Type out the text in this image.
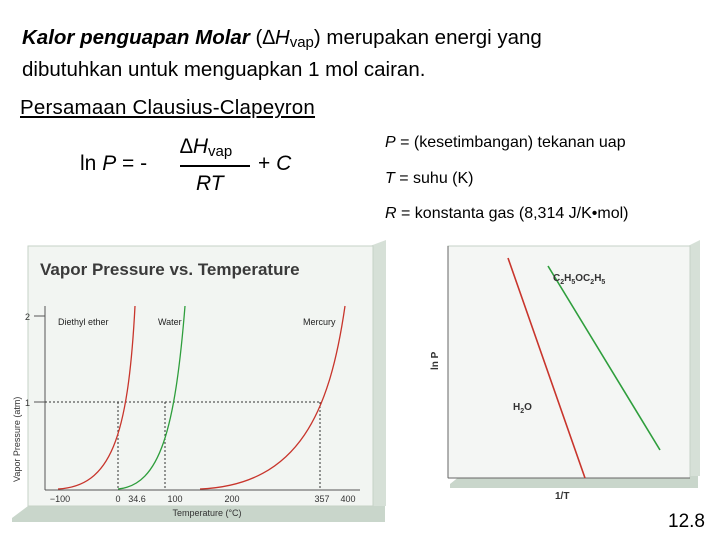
Kalor penguapan Molar $(\Delta H_{vap})$ merupakan energi yang
dibutuhkan untuk menguapkan 1 mol cairan.
Persamaan Clausius-Clapeyron
ln P = -
$\Delta H_{vap}$
RT
+ C
P = (kesetimbangan) tekanan uap
T = suhu (K)
R = konstanta gas (8,314 J/K•mol)
Vapor Pressure vs. Temperature
2
1
Vapor Pressure (atm)
Diethyl ether	Water	Mercury
−100	0 34.6 100	200	357 400
Temperature (°C)
$C_2H_5OC_2H_5$
$H_2O$
ln P
1/T
12.8
